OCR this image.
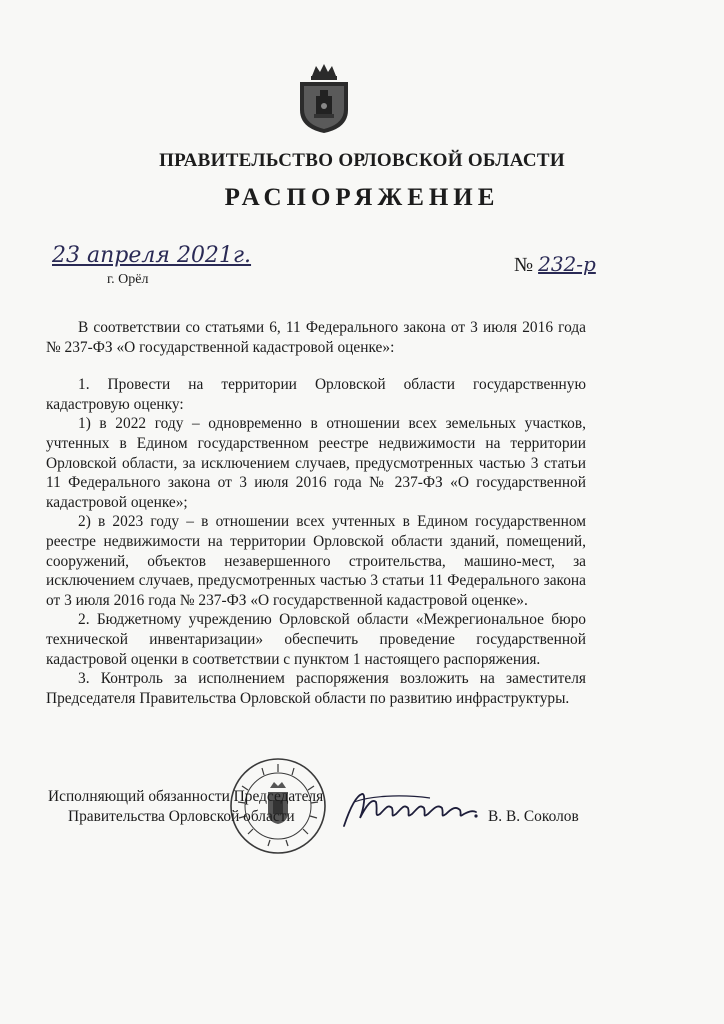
ПРАВИТЕЛЬСТВО ОРЛОВСКОЙ ОБЛАСТИ
РАСПОРЯЖЕНИЕ
23 апреля 2021г.
г. Орёл
№ 232-р

В соответствии со статьями 6, 11 Федерального закона от 3 июля 2016 года № 237-ФЗ «О государственной кадастровой оценке»:

1. Провести на территории Орловской области государственную кадастровую оценку:

1) в 2022 году – одновременно в отношении всех земельных участков, учтенных в Едином государственном реестре недвижимости на территории Орловской области, за исключением случаев, предусмотренных частью 3 статьи 11 Федерального закона от 3 июля 2016 года № 237-ФЗ «О государственной кадастровой оценке»;

2) в 2023 году – в отношении всех учтенных в Едином государственном реестре недвижимости на территории Орловской области зданий, помещений, сооружений, объектов незавершенного строительства, машино-мест, за исключением случаев, предусмотренных частью 3 статьи 11 Федерального закона от 3 июля 2016 года № 237-ФЗ «О государственной кадастровой оценке».

2. Бюджетному учреждению Орловской области «Межрегиональное бюро технической инвентаризации» обеспечить проведение государственной кадастровой оценки в соответствии с пунктом 1 настоящего распоряжения.

3. Контроль за исполнением распоряжения возложить на заместителя Председателя Правительства Орловской области по развитию инфраструктуры.

Исполняющий обязанности Председателя
Правительства Орловской области	В. В. Соколов
